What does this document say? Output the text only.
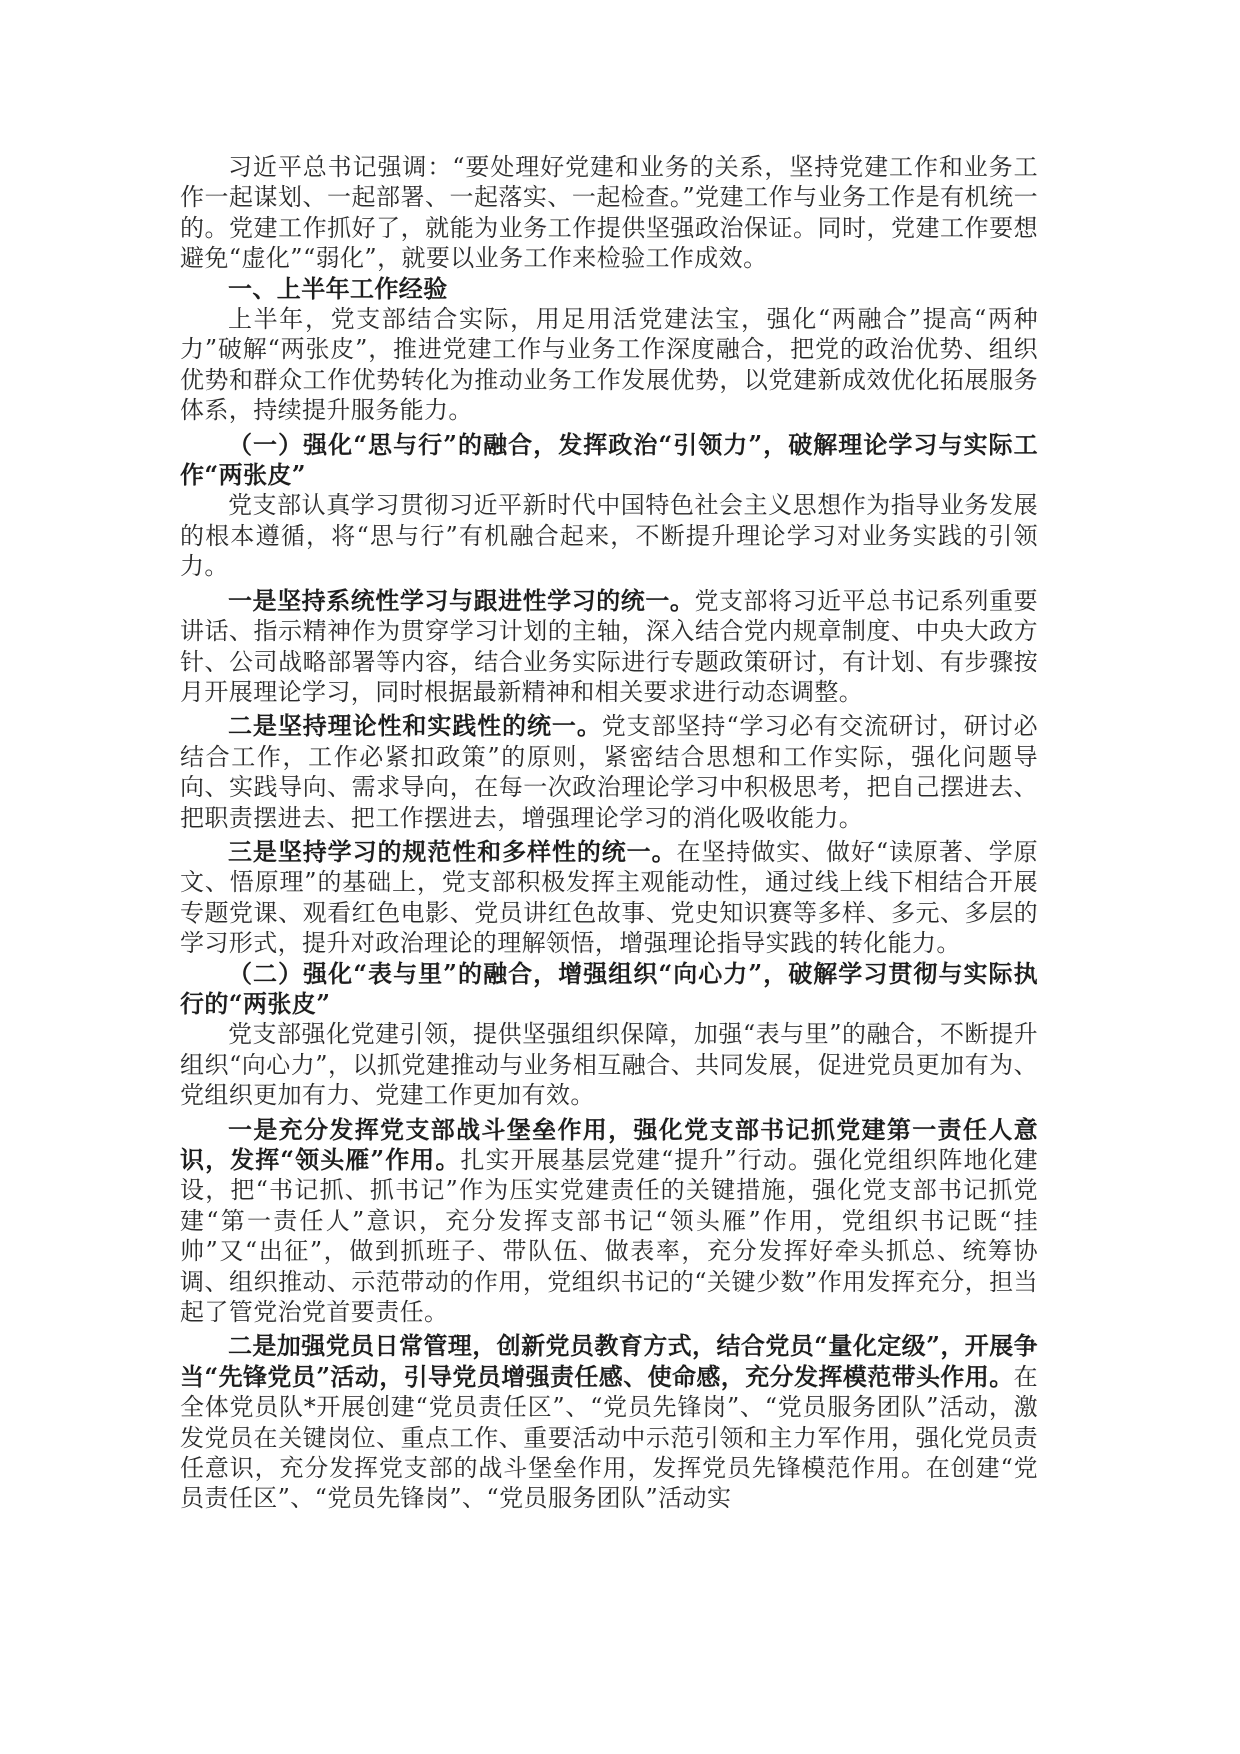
习近平总书记强调：“要处理好党建和业务的关系，坚持党建工作和业务工作一起谋划、一起部署、一起落实、一起检查。”党建工作与业务工作是有机统一的。党建工作抓好了，就能为业务工作提供坚强政治保证。同时，党建工作要想避免“虚化”“弱化”，就要以业务工作来检验工作成效。

一、上半年工作经验

上半年，党支部结合实际，用足用活党建法宝，强化“两融合”提高“两种力”破解“两张皮”，推进党建工作与业务工作深度融合，把党的政治优势、组织优势和群众工作优势转化为推动业务工作发展优势，以党建新成效优化拓展服务体系，持续提升服务能力。

（一）强化“思与行”的融合，发挥政治“引领力”，破解理论学习与实际工作“两张皮”

党支部认真学习贯彻习近平新时代中国特色社会主义思想作为指导业务发展的根本遵循，将“思与行”有机融合起来，不断提升理论学习对业务实践的引领力。

一是坚持系统性学习与跟进性学习的统一。党支部将习近平总书记系列重要讲话、指示精神作为贯穿学习计划的主轴，深入结合党内规章制度、中央大政方针、公司战略部署等内容，结合业务实际进行专题政策研讨，有计划、有步骤按月开展理论学习，同时根据最新精神和相关要求进行动态调整。

二是坚持理论性和实践性的统一。党支部坚持“学习必有交流研讨，研讨必结合工作，工作必紧扣政策”的原则，紧密结合思想和工作实际，强化问题导向、实践导向、需求导向，在每一次政治理论学习中积极思考，把自己摆进去、把职责摆进去、把工作摆进去，增强理论学习的消化吸收能力。

三是坚持学习的规范性和多样性的统一。在坚持做实、做好“读原著、学原文、悟原理”的基础上，党支部积极发挥主观能动性，通过线上线下相结合开展专题党课、观看红色电影、党员讲红色故事、党史知识赛等多样、多元、多层的学习形式，提升对政治理论的理解领悟，增强理论指导实践的转化能力。

（二）强化“表与里”的融合，增强组织“向心力”，破解学习贯彻与实际执行的“两张皮”

党支部强化党建引领，提供坚强组织保障，加强“表与里”的融合，不断提升组织“向心力”，以抓党建推动与业务相互融合、共同发展，促进党员更加有为、党组织更加有力、党建工作更加有效。

一是充分发挥党支部战斗堡垒作用，强化党支部书记抓党建第一责任人意识，发挥“领头雁”作用。扎实开展基层党建“提升”行动。强化党组织阵地化建设，把“书记抓、抓书记”作为压实党建责任的关键措施，强化党支部书记抓党建“第一责任人”意识，充分发挥支部书记“领头雁”作用，党组织书记既“挂帅”又“出征”，做到抓班子、带队伍、做表率，充分发挥好牵头抓总、统筹协调、组织推动、示范带动的作用，党组织书记的“关键少数”作用发挥充分，担当起了管党治党首要责任。

二是加强党员日常管理，创新党员教育方式，结合党员“量化定级”，开展争当“先锋党员”活动，引导党员增强责任感、使命感，充分发挥模范带头作用。在全体党员队*开展创建“党员责任区”、“党员先锋岗”、“党员服务团队”活动，激发党员在关键岗位、重点工作、重要活动中示范引领和主力军作用，强化党员责任意识，充分发挥党支部的战斗堡垒作用，发挥党员先锋模范作用。在创建“党员责任区”、“党员先锋岗”、“党员服务团队”活动实
